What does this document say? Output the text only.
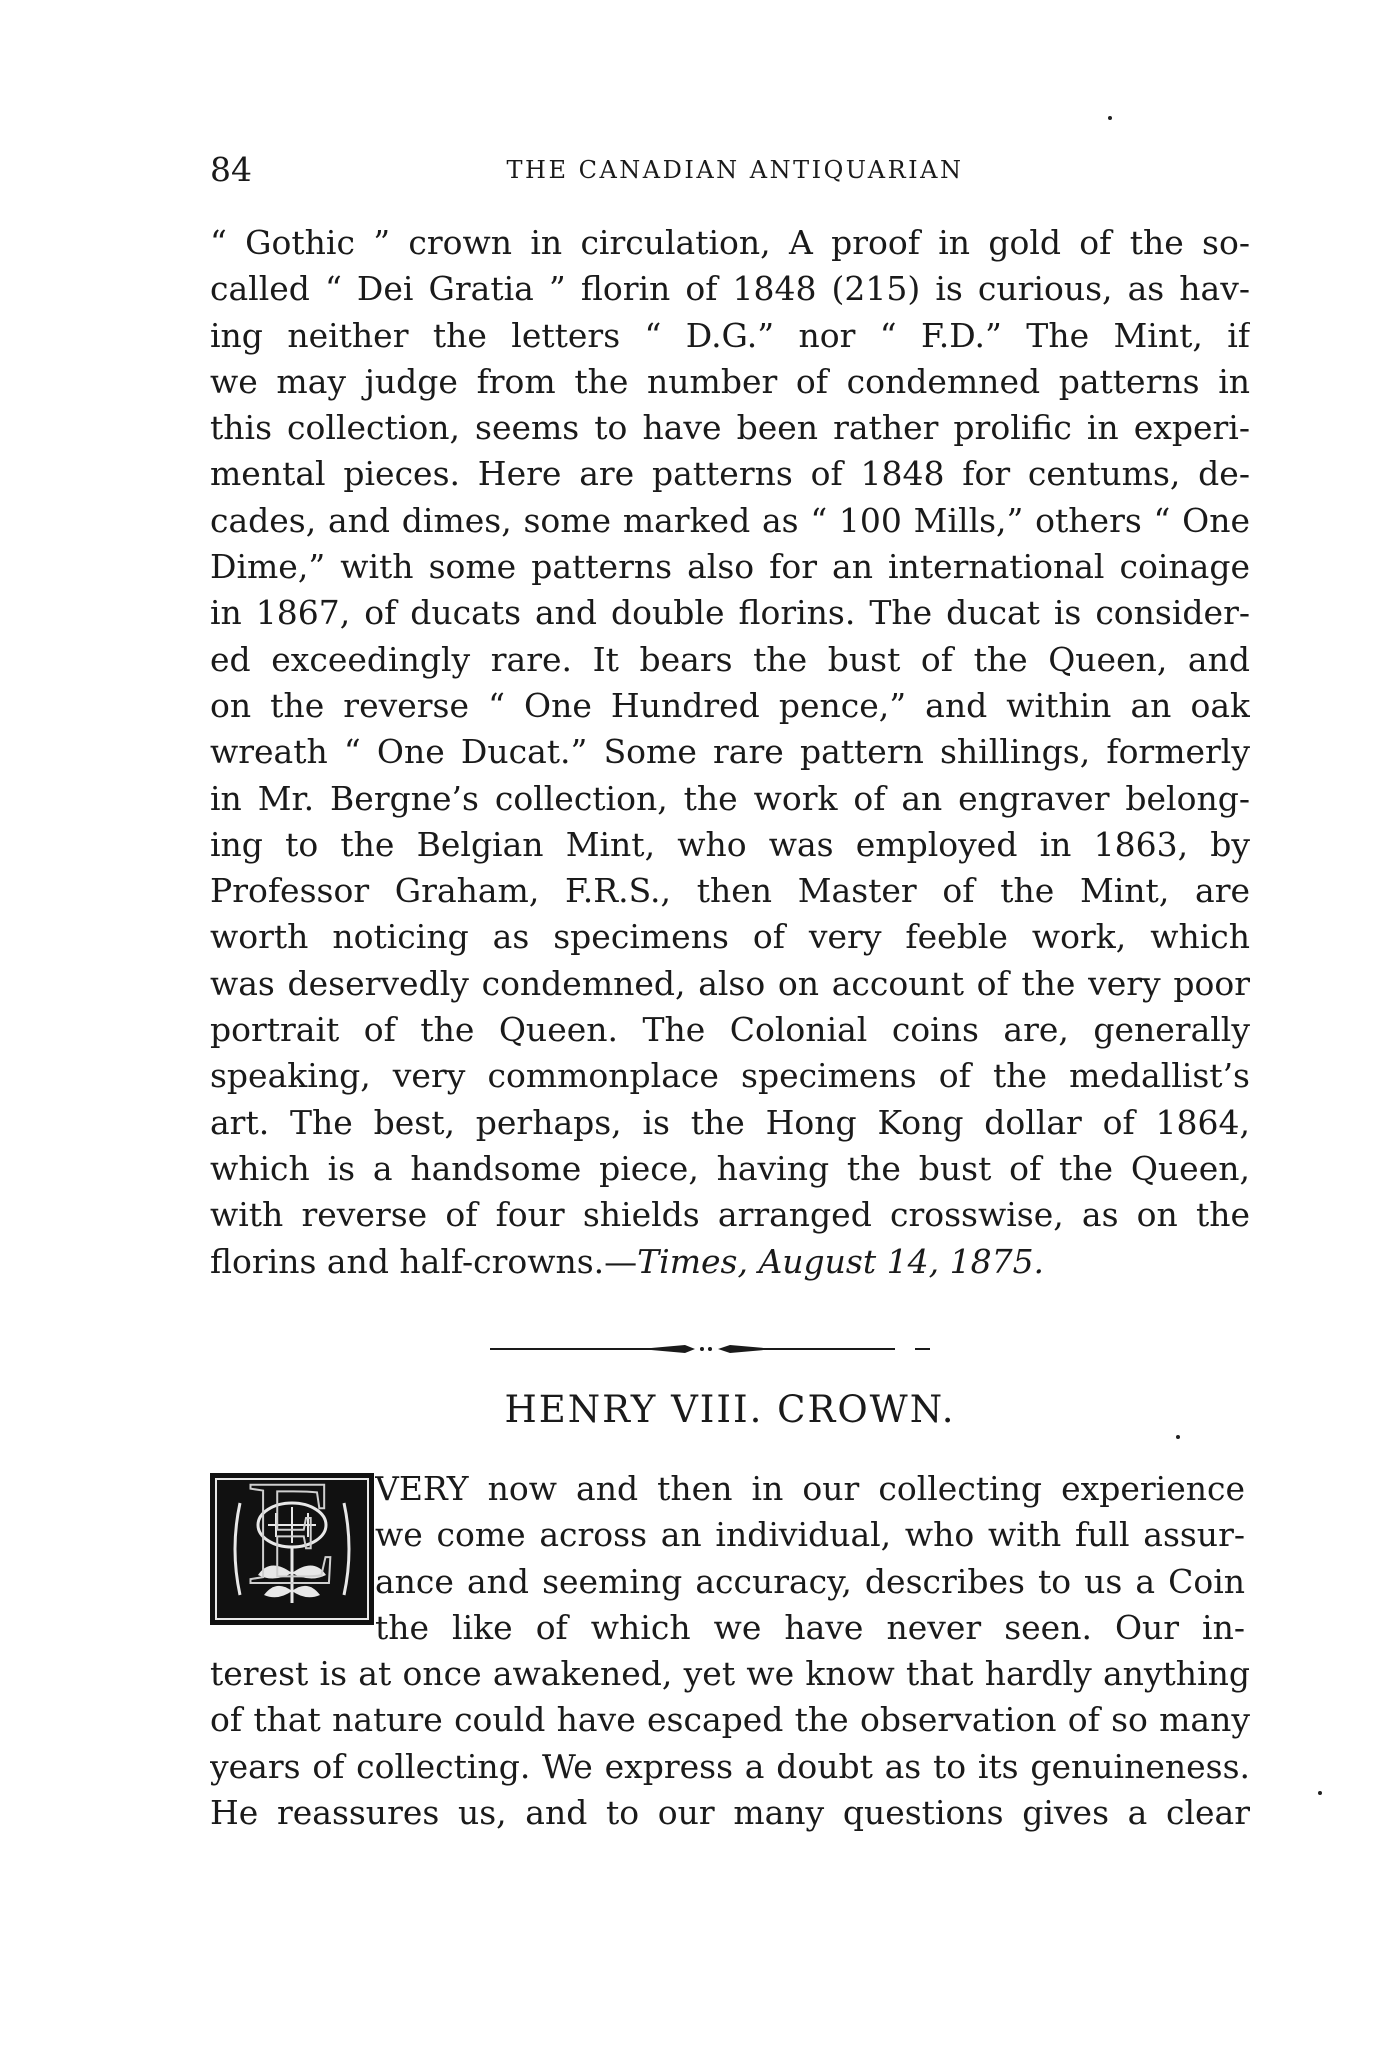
84	THE CANADIAN ANTIQUARIAN
“ Gothic ” crown in circulation, A proof in gold of the so-
called “ Dei Gratia ” florin of 1848 (215) is curious, as hav-
ing neither the letters “ D.G.” nor “ F.D.” The Mint, if
we may judge from the number of condemned patterns in
this collection, seems to have been rather prolific in experi-
mental pieces. Here are patterns of 1848 for centums, de-
cades, and dimes, some marked as “ 100 Mills,” others “ One
Dime,” with some patterns also for an international coinage
in 1867, of ducats and double florins. The ducat is consider-
ed exceedingly rare. It bears the bust of the Queen, and
on the reverse “ One Hundred pence,” and within an oak
wreath “ One Ducat.” Some rare pattern shillings, formerly
in Mr. Bergne’s collection, the work of an engraver belong-
ing to the Belgian Mint, who was employed in 1863, by
Professor Graham, F.R.S., then Master of the Mint, are
worth noticing as specimens of very feeble work, which
was deservedly condemned, also on account of the very poor
portrait of the Queen. The Colonial coins are, generally
speaking, very commonplace specimens of the medallist’s
art. The best, perhaps, is the Hong Kong dollar of 1864,
which is a handsome piece, having the bust of the Queen,
with reverse of four shields arranged crosswise, as on the
florins and half-crowns.—Times, August 14, 1875.
HENRY VIII. CROWN.
E VERY now and then in our collecting experience
we come across an individual, who with full assur-
ance and seeming accuracy, describes to us a Coin
the like of which we have never seen. Our in-
terest is at once awakened, yet we know that hardly anything
of that nature could have escaped the observation of so many
years of collecting. We express a doubt as to its genuineness.
He reassures us, and to our many questions gives a clear
